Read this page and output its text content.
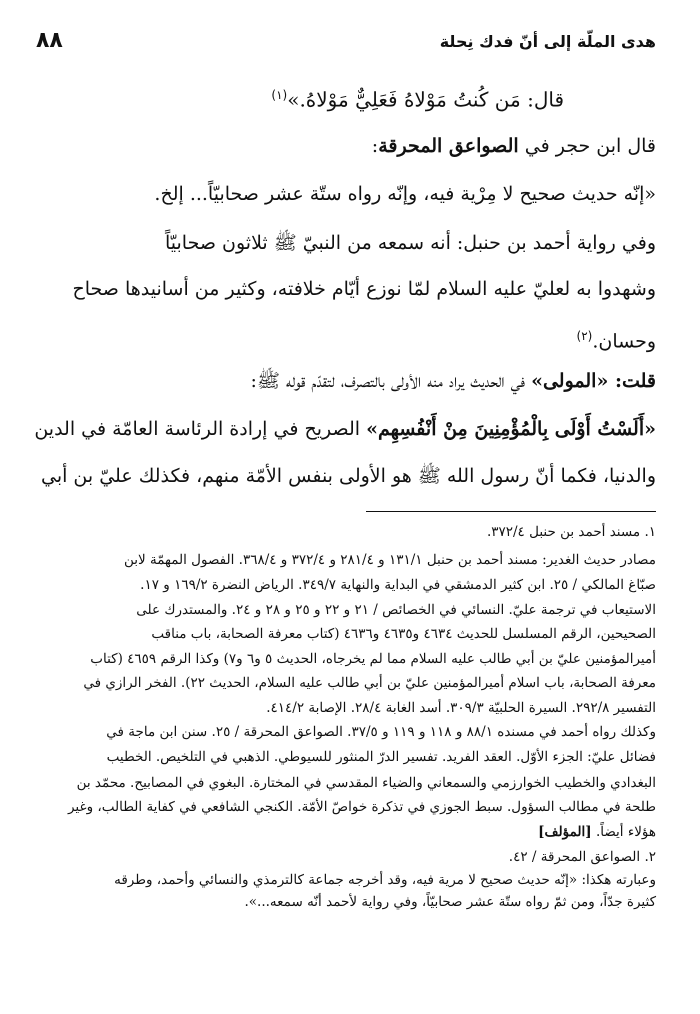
٨٨	هدى الملّة إلى أنّ فدك نِحلة

قال: مَن كُنتُ مَوْلاهُ فَعَلِيٌّ مَوْلاهُ.»$^{(١)}$

قال ابن حجر في الصواعق المحرقة:

«إنّه حديث صحيح لا مِرْية فيه، وإنّه رواه ستّة عشر صحابيّاً... إلخ.

وفي رواية أحمد بن حنبل: أنه سمعه من النبيّ ﷺ ثلاثون صحابيّاً

وشهدوا به لعليّ عليه السلام لمّا نوزع أيّام خلافته، وكثير من أسانيدها صحاح

وحسان.$^{(٢)}$

قلت: «المولى» في الحديث يراد منه الأولى بالتصرف، لتقدّم قوله ﷺ:

«أَلَسْتُ أَوْلَى بِالْمُؤْمِنِينَ مِنْ أَنْفُسِهِم» الصريح في إرادة الرئاسة العامّة في الدين

والدنيا، فكما أنّ رسول الله ﷺ هو الأولى بنفس الأمّة منهم، فكذلك عليّ بن أبي

١. مسند أحمد بن حنبل ٣٧٢/٤.
مصادر حديث الغدير: مسند أحمد بن حنبل ١٣١/١ و ٢٨١/٤ و ٣٧٢/٤ و ٣٦٨/٤. الفصول المهمّة لابن
صبّاغ المالكي / ٢٥. ابن كثير الدمشقي في البداية والنهاية ٣٤٩/٧. الرياض النضرة ١٦٩/٢ و ١٧.
الاستيعاب في ترجمة عليّ. النسائي في الخصائص / ٢١ و ٢٢ و ٢٥ و ٢٨ و ٢٤. والمستدرك على
الصحيحين، الرقم المسلسل للحديث ٤٦٣٤ و٤٦٣٥ و٤٦٣٦ (كتاب معرفة الصحابة، باب مناقب
أميرالمؤمنين عليّ بن أبي طالب عليه السلام مما لم يخرجاه، الحديث ٥ و٦ و٧) وكذا الرقم ٤٦٥٩ (كتاب
معرفة الصحابة، باب اسلام أميرالمؤمنين عليّ بن أبي طالب عليه السلام، الحديث ٢٢). الفخر الرازي في
التفسير ٢٩٢/٨. السيرة الحلبيّة ٣٠٩/٣. أسد الغابة ٢٨/٤. الإصابة ٤١٤/٢.
وكذلك رواه أحمد في مسنده ٨٨/١ و ١١٨ و ١١٩ و ٣٧/٥. الصواعق المحرقة / ٢٥. سنن ابن ماجة في
فضائل عليّ: الجزء الأوّل. العقد الفريد. تفسير الدرّ المنثور للسيوطي. الذهبي في التلخيص. الخطيب
البغدادي والخطيب الخوارزمي والسمعاني والضياء المقدسي في المختارة. البغوي في المصابيح. محمّد بن
طلحة في مطالب السؤول. سبط الجوزي في تذكرة خواصّ الأمّة. الكنجي الشافعي في كفاية الطالب، وغير
هؤلاء أيضاً. [المؤلف]
٢. الصواعق المحرقة / ٤٢.
وعبارته هكذا: «إنّه حديث صحيح لا مرية فيه، وقد أخرجه جماعة كالترمذي والنسائي وأحمد، وطرقه
كثيرة جدّاً، ومن ثمّ رواه ستّة عشر صحابيّاً، وفي رواية لأحمد أنّه سمعه...».
